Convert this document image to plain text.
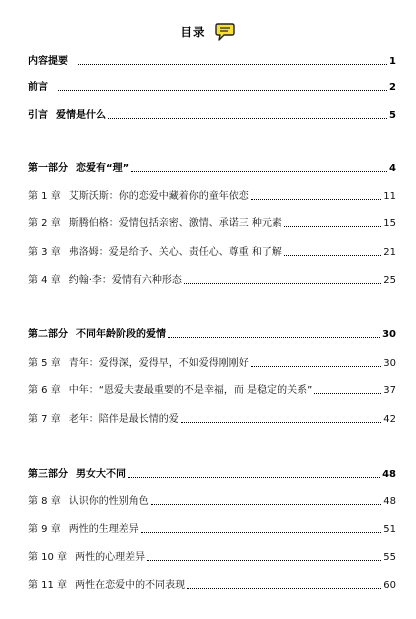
目录
内容提要	1
前言	2
引言 爱情是什么	5
第一部分 恋爱有“理”	4
第 1 章 艾斯沃斯：你的恋爱中藏着你的童年依恋	11
第 2 章 斯腾伯格：爱情包括亲密、激情、承诺三 种元素	15
第 3 章 弗洛姆：爱是给予、关心、责任心、尊重 和了解	21
第 4 章 约翰·李：爱情有六种形态	25
第二部分 不同年龄阶段的爱情	30
第 5 章 青年：爱得深，爱得早，不如爱得刚刚好	30
第 6 章 中年：“恩爱夫妻最重要的不是幸福，而 是稳定的关系”	37
第 7 章 老年：陪伴是最长情的爱	42
第三部分 男女大不同	48
第 8 章 认识你的性别角色	48
第 9 章 两性的生理差异	51
第 10 章 两性的心理差异	55
第 11 章 两性在恋爱中的不同表现	60
